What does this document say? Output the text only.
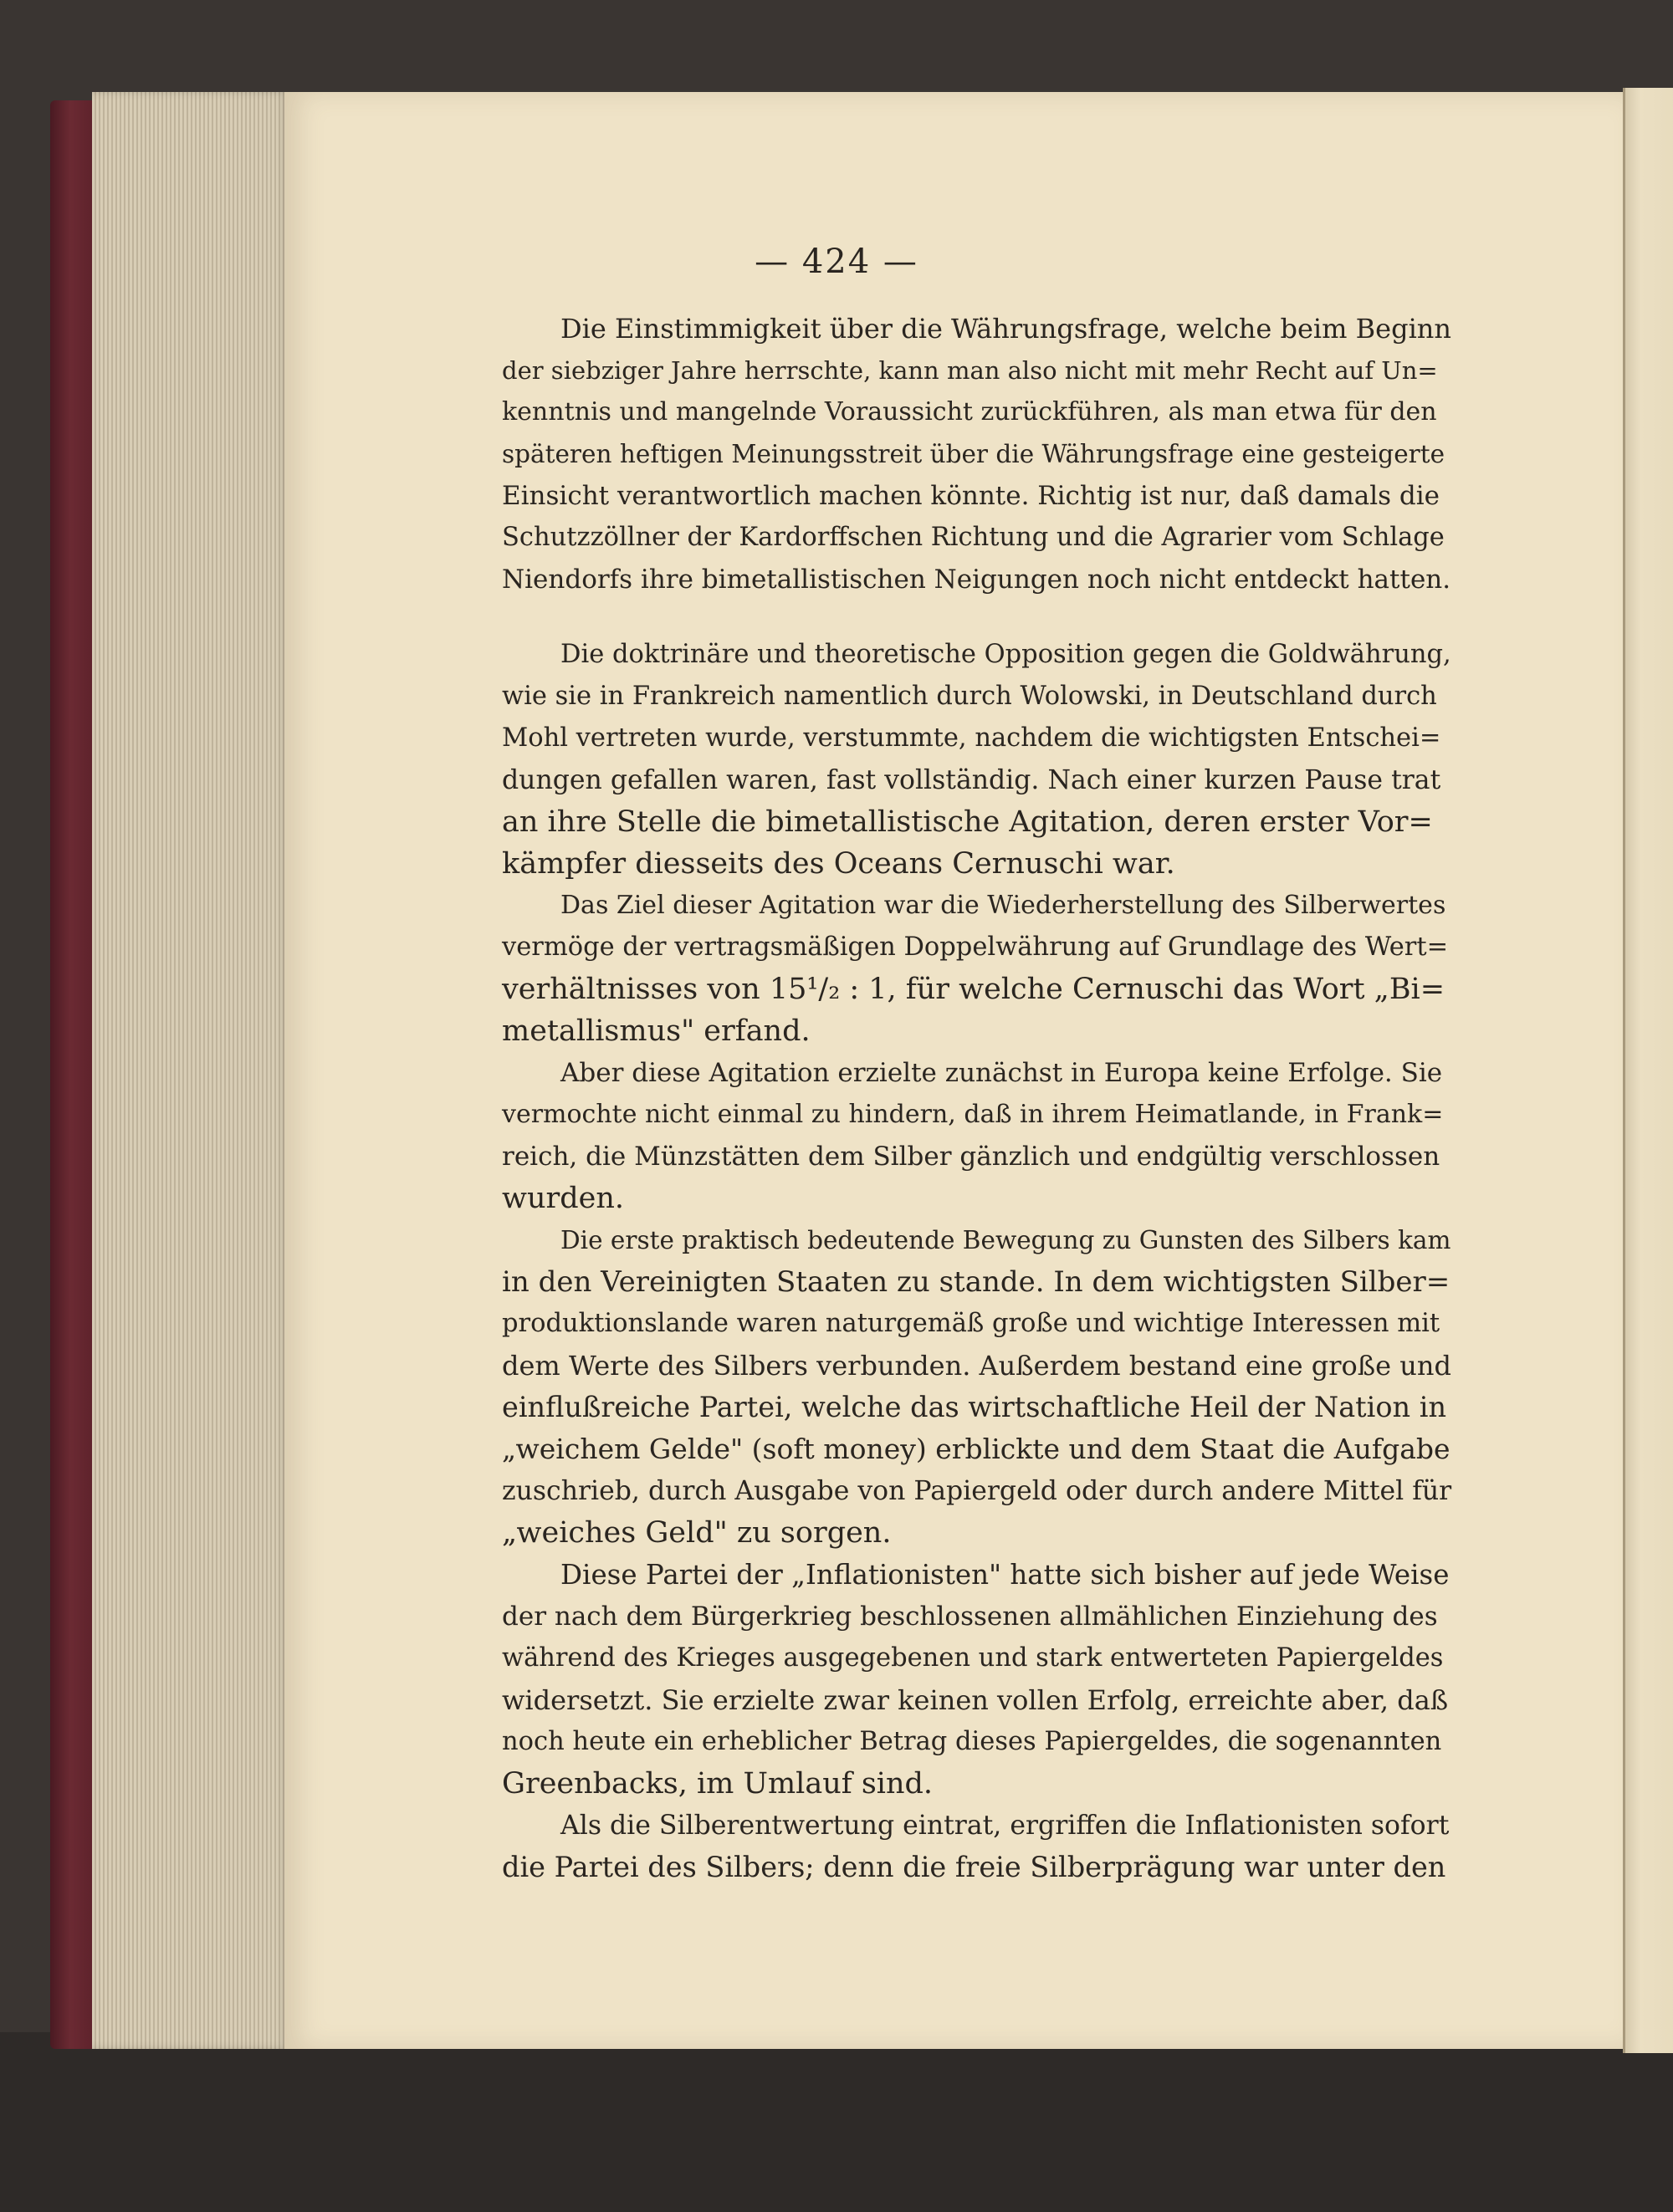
— 424 —
Die Einstimmigkeit über die Währungsfrage, welche beim Beginn
der siebziger Jahre herrschte, kann man also nicht mit mehr Recht auf Un=
kenntnis und mangelnde Voraussicht zurückführen, als man etwa für den
späteren heftigen Meinungsstreit über die Währungsfrage eine gesteigerte
Einsicht verantwortlich machen könnte. Richtig ist nur, daß damals die
Schutzzöllner der Kardorffschen Richtung und die Agrarier vom Schlage
Niendorfs ihre bimetallistischen Neigungen noch nicht entdeckt hatten.
Die doktrinäre und theoretische Opposition gegen die Goldwährung,
wie sie in Frankreich namentlich durch Wolowski, in Deutschland durch
Mohl vertreten wurde, verstummte, nachdem die wichtigsten Entschei=
dungen gefallen waren, fast vollständig. Nach einer kurzen Pause trat
an ihre Stelle die bimetallistische Agitation, deren erster Vor=
kämpfer diesseits des Oceans Cernuschi war.
Das Ziel dieser Agitation war die Wiederherstellung des Silberwertes
vermöge der vertragsmäßigen Doppelwährung auf Grundlage des Wert=
verhältnisses von 15¹/₂ : 1, für welche Cernuschi das Wort „Bi=
metallismus" erfand.
Aber diese Agitation erzielte zunächst in Europa keine Erfolge. Sie
vermochte nicht einmal zu hindern, daß in ihrem Heimatlande, in Frank=
reich, die Münzstätten dem Silber gänzlich und endgültig verschlossen
wurden.
Die erste praktisch bedeutende Bewegung zu Gunsten des Silbers kam
in den Vereinigten Staaten zu stande. In dem wichtigsten Silber=
produktionslande waren naturgemäß große und wichtige Interessen mit
dem Werte des Silbers verbunden. Außerdem bestand eine große und
einflußreiche Partei, welche das wirtschaftliche Heil der Nation in
„weichem Gelde" (soft money) erblickte und dem Staat die Aufgabe
zuschrieb, durch Ausgabe von Papiergeld oder durch andere Mittel für
„weiches Geld" zu sorgen.
Diese Partei der „Inflationisten" hatte sich bisher auf jede Weise
der nach dem Bürgerkrieg beschlossenen allmählichen Einziehung des
während des Krieges ausgegebenen und stark entwerteten Papiergeldes
widersetzt. Sie erzielte zwar keinen vollen Erfolg, erreichte aber, daß
noch heute ein erheblicher Betrag dieses Papiergeldes, die sogenannten
Greenbacks, im Umlauf sind.
Als die Silberentwertung eintrat, ergriffen die Inflationisten sofort
die Partei des Silbers; denn die freie Silberprägung war unter den
